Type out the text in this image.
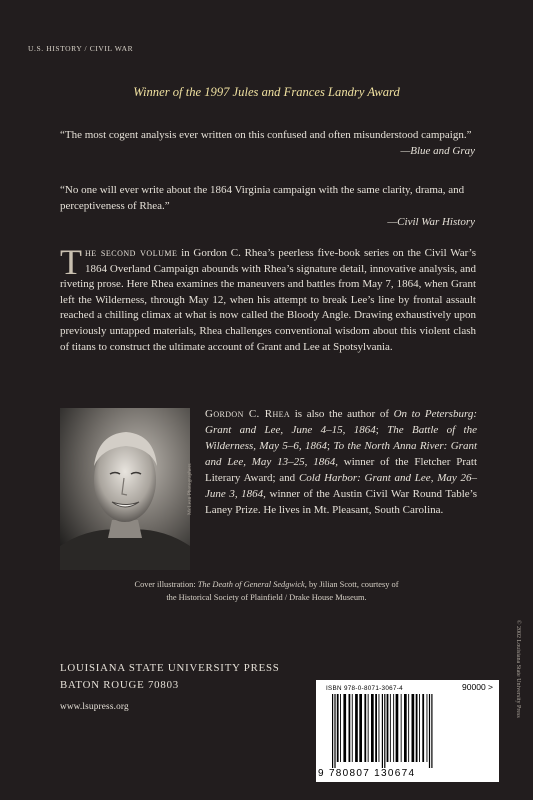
U.S. HISTORY / CIVIL WAR
Winner of the 1997 Jules and Frances Landry Award
“The most cogent analysis ever written on this confused and often misunderstood campaign.”
—Blue and Gray
“No one will ever write about the 1864 Virginia campaign with the same clarity, drama, and perceptiveness of Rhea.”
—Civil War History
The second volume in Gordon C. Rhea’s peerless five-book series on the Civil War’s 1864 Overland Campaign abounds with Rhea’s signature detail, innovative analysis, and riveting prose. Here Rhea examines the maneuvers and battles from May 7, 1864, when Grant left the Wilderness, through May 12, when his attempt to break Lee’s line by frontal assault reached a chilling climax at what is now called the Bloody Angle. Drawing exhaustively upon previously untapped materials, Rhea challenges conventional wisdom about this violent clash of titans to construct the ultimate account of Grant and Lee at Spotsylvania.
McLean Photographers
Gordon C. Rhea is also the author of On to Petersburg: Grant and Lee, June 4–15, 1864; The Battle of the Wilderness, May 5–6, 1864; To the North Anna River: Grant and Lee, May 13–25, 1864, winner of the Fletcher Pratt Literary Award; and Cold Harbor: Grant and Lee, May 26–June 3, 1864, winner of the Austin Civil War Round Table’s Laney Prize. He lives in Mt. Pleasant, South Carolina.
Cover illustration: The Death of General Sedgwick, by Jilian Scott, courtesy of
the Historical Society of Plainfield / Drake House Museum.
LOUISIANA STATE UNIVERSITY PRESS
BATON ROUGE 70803
www.lsupress.org	© 2002 Louisiana State University Press
ISBN 978-0-8071-3067-4	90000 >
9 780807 130674
